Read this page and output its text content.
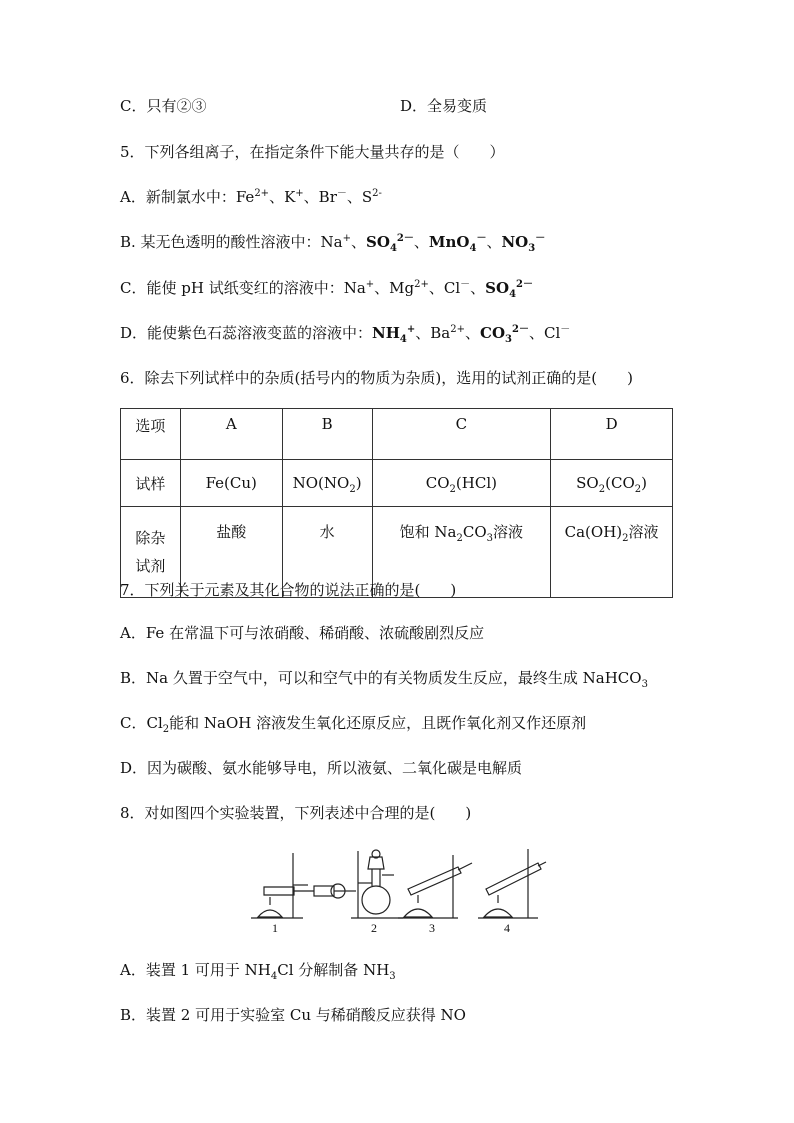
C．只有②③	D．全易变质
5．下列各组离子，在指定条件下能大量共存的是（　　）
A．新制氯水中：$Fe^{2+}$、K+、Br－、$S^{2-}$
B. 某无色透明的酸性溶液中：Na+、$SO_4^{2-}$、MnO$_4$－、$NO_3^-$
C．能使 pH 试纸变红的溶液中：Na+、$Mg^{2+}$、Cl－、$SO_4^{2-}$
D．能使紫色石蕊溶液变蓝的溶液中：$NH_4^+$、$Ba^{2+}$、$CO_3^{2-}$、Cl－
6．除去下列试样中的杂质(括号内的物质为杂质)，选用的试剂正确的是(　　)
选项	A	B	C	D
试样	Fe(Cu)	$NO(NO_2)$	$CO_2(HCl)$	$SO_2(CO_2)$

除杂
试剂	盐酸	水	饱和 $Na_2CO_3$溶液	$Ca(OH)_2$溶液
7．下列关于元素及其化合物的说法正确的是(　　)
A．Fe 在常温下可与浓硝酸、稀硝酸、浓硫酸剧烈反应
B．Na 久置于空气中，可以和空气中的有关物质发生反应，最终生成 NaHCO$_3$
C．$Cl_2$能和 NaOH 溶液发生氧化还原反应，且既作氧化剂又作还原剂
D．因为碳酸、氨水能够导电，所以液氨、二氧化碳是电解质
8．对如图四个实验装置，下列表述中合理的是(　　)
1	2	3	4
A．装置 1 可用于 $NH_4Cl$ 分解制备 $NH_3$
B．装置 2 可用于实验室 Cu 与稀硝酸反应获得 NO
